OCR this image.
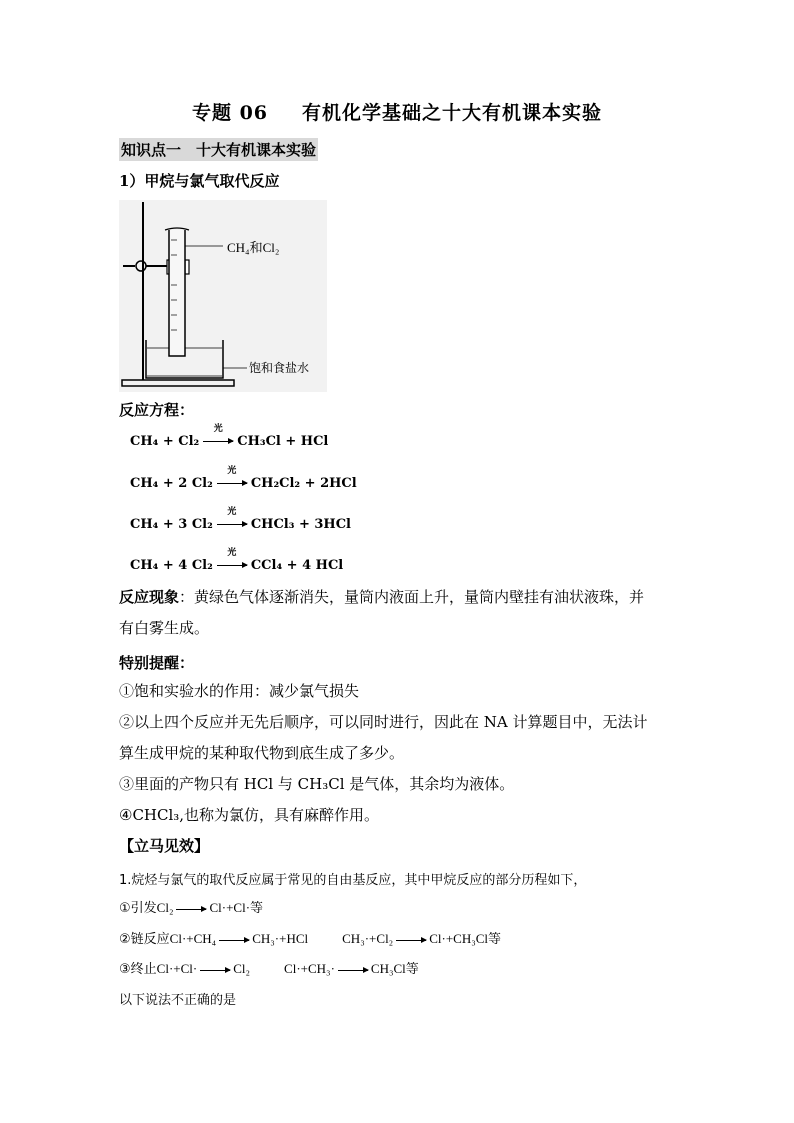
专题 06 有机化学基础之十大有机课本实验
知识点一　十大有机课本实验
1）甲烷与氯气取代反应
CH₄和Cl₂
饱和食盐水
反应方程：
CH₄ + Cl₂
光
CH₃Cl + HCl
CH₄ + 2 Cl₂
光
CH₂Cl₂ + 2HCl
CH₄ + 3 Cl₂
光
CHCl₃ + 3HCl
CH₄ + 4 Cl₂
光
CCl₄ + 4 HCl
反应现象：黄绿色气体逐渐消失，量筒内液面上升，量筒内壁挂有油状液珠，并
有白雾生成。
特别提醒：
①饱和实验水的作用：减少氯气损失
②以上四个反应并无先后顺序，可以同时进行，因此在 NA 计算题目中，无法计
算生成甲烷的某种取代物到底生成了多少。
③里面的产物只有 HCl 与 CH₃Cl 是气体，其余均为液体。
④CHCl₃,也称为氯仿，具有麻醉作用。
【立马见效】
1.烷烃与氯气的取代反应属于常见的自由基反应，其中甲烷反应的部分历程如下，
①引发Cl₂	Cl·+Cl·等
②链反应Cl·+CH₄	CH₃·+HCl	CH₃·+Cl₂	Cl·+CH₃Cl等
③终止Cl·+Cl·	Cl₂	Cl·+CH₃·	CH₃Cl等
以下说法不正确的是
